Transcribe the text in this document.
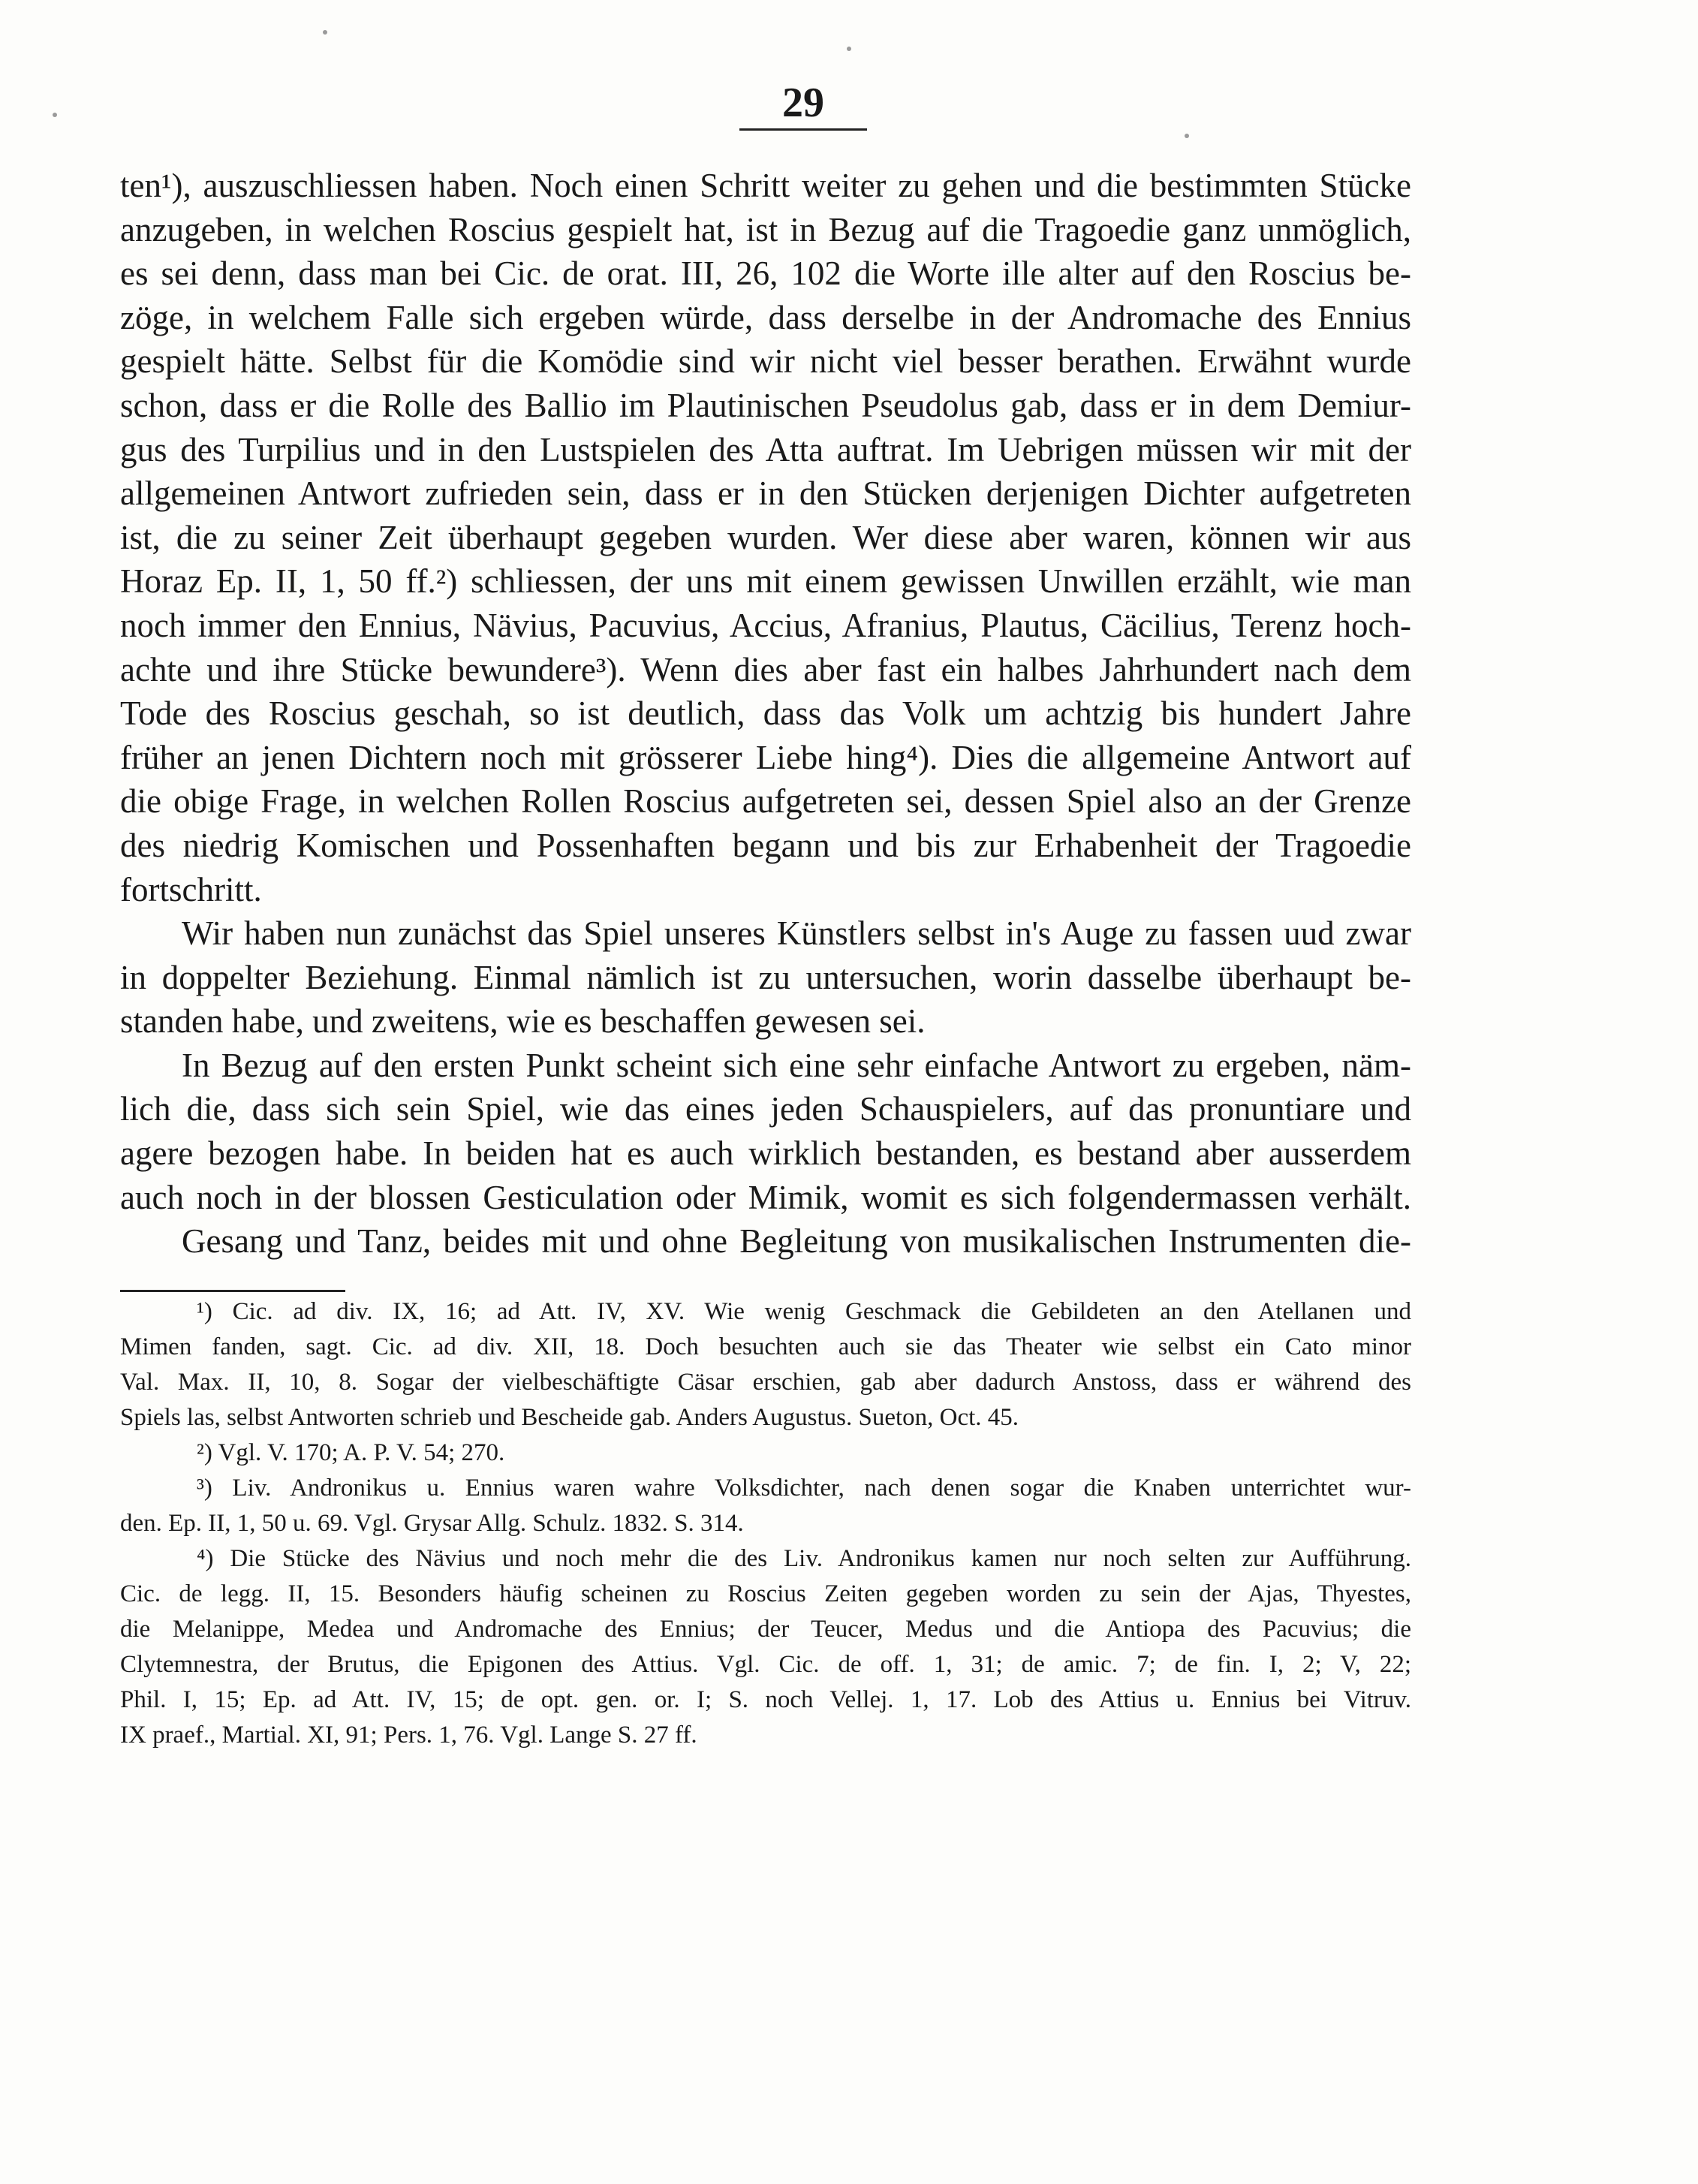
29
ten¹), auszuschliessen haben. Noch einen Schritt weiter zu gehen und die bestimmten Stücke
anzugeben, in welchen Roscius gespielt hat, ist in Bezug auf die Tragoedie ganz unmöglich,
es sei denn, dass man bei Cic. de orat. III, 26, 102 die Worte ille alter auf den Roscius be-
zöge, in welchem Falle sich ergeben würde, dass derselbe in der Andromache des Ennius
gespielt hätte. Selbst für die Komödie sind wir nicht viel besser berathen. Erwähnt wurde
schon, dass er die Rolle des Ballio im Plautinischen Pseudolus gab, dass er in dem Demiur-
gus des Turpilius und in den Lustspielen des Atta auftrat. Im Uebrigen müssen wir mit der
allgemeinen Antwort zufrieden sein, dass er in den Stücken derjenigen Dichter aufgetreten
ist, die zu seiner Zeit überhaupt gegeben wurden. Wer diese aber waren, können wir aus
Horaz Ep. II, 1, 50 ff.²) schliessen, der uns mit einem gewissen Unwillen erzählt, wie man
noch immer den Ennius, Nävius, Pacuvius, Accius, Afranius, Plautus, Cäcilius, Terenz hoch-
achte und ihre Stücke bewundere³). Wenn dies aber fast ein halbes Jahrhundert nach dem
Tode des Roscius geschah, so ist deutlich, dass das Volk um achtzig bis hundert Jahre
früher an jenen Dichtern noch mit grösserer Liebe hing⁴). Dies die allgemeine Antwort auf
die obige Frage, in welchen Rollen Roscius aufgetreten sei, dessen Spiel also an der Grenze
des niedrig Komischen und Possenhaften begann und bis zur Erhabenheit der Tragoedie
fortschritt.
Wir haben nun zunächst das Spiel unseres Künstlers selbst in's Auge zu fassen uud zwar
in doppelter Beziehung. Einmal nämlich ist zu untersuchen, worin dasselbe überhaupt be-
standen habe, und zweitens, wie es beschaffen gewesen sei.
In Bezug auf den ersten Punkt scheint sich eine sehr einfache Antwort zu ergeben, näm-
lich die, dass sich sein Spiel, wie das eines jeden Schauspielers, auf das pronuntiare und
agere bezogen habe. In beiden hat es auch wirklich bestanden, es bestand aber ausserdem
auch noch in der blossen Gesticulation oder Mimik, womit es sich folgendermassen verhält.
Gesang und Tanz, beides mit und ohne Begleitung von musikalischen Instrumenten die-
¹) Cic. ad div. IX, 16; ad Att. IV, XV. Wie wenig Geschmack die Gebildeten an den Atellanen und
Mimen fanden, sagt. Cic. ad div. XII, 18. Doch besuchten auch sie das Theater wie selbst ein Cato minor
Val. Max. II, 10, 8. Sogar der vielbeschäftigte Cäsar erschien, gab aber dadurch Anstoss, dass er während des
Spiels las, selbst Antworten schrieb und Bescheide gab. Anders Augustus. Sueton, Oct. 45.
²) Vgl. V. 170; A. P. V. 54; 270.
³) Liv. Andronikus u. Ennius waren wahre Volksdichter, nach denen sogar die Knaben unterrichtet wur-
den. Ep. II, 1, 50 u. 69. Vgl. Grysar Allg. Schulz. 1832. S. 314.
⁴) Die Stücke des Nävius und noch mehr die des Liv. Andronikus kamen nur noch selten zur Aufführung.
Cic. de legg. II, 15. Besonders häufig scheinen zu Roscius Zeiten gegeben worden zu sein der Ajas, Thyestes,
die Melanippe, Medea und Andromache des Ennius; der Teucer, Medus und die Antiopa des Pacuvius; die
Clytemnestra, der Brutus, die Epigonen des Attius. Vgl. Cic. de off. 1, 31; de amic. 7; de fin. I, 2; V, 22;
Phil. I, 15; Ep. ad Att. IV, 15; de opt. gen. or. I; S. noch Vellej. 1, 17. Lob des Attius u. Ennius bei Vitruv.
IX praef., Martial. XI, 91; Pers. 1, 76. Vgl. Lange S. 27 ff.
